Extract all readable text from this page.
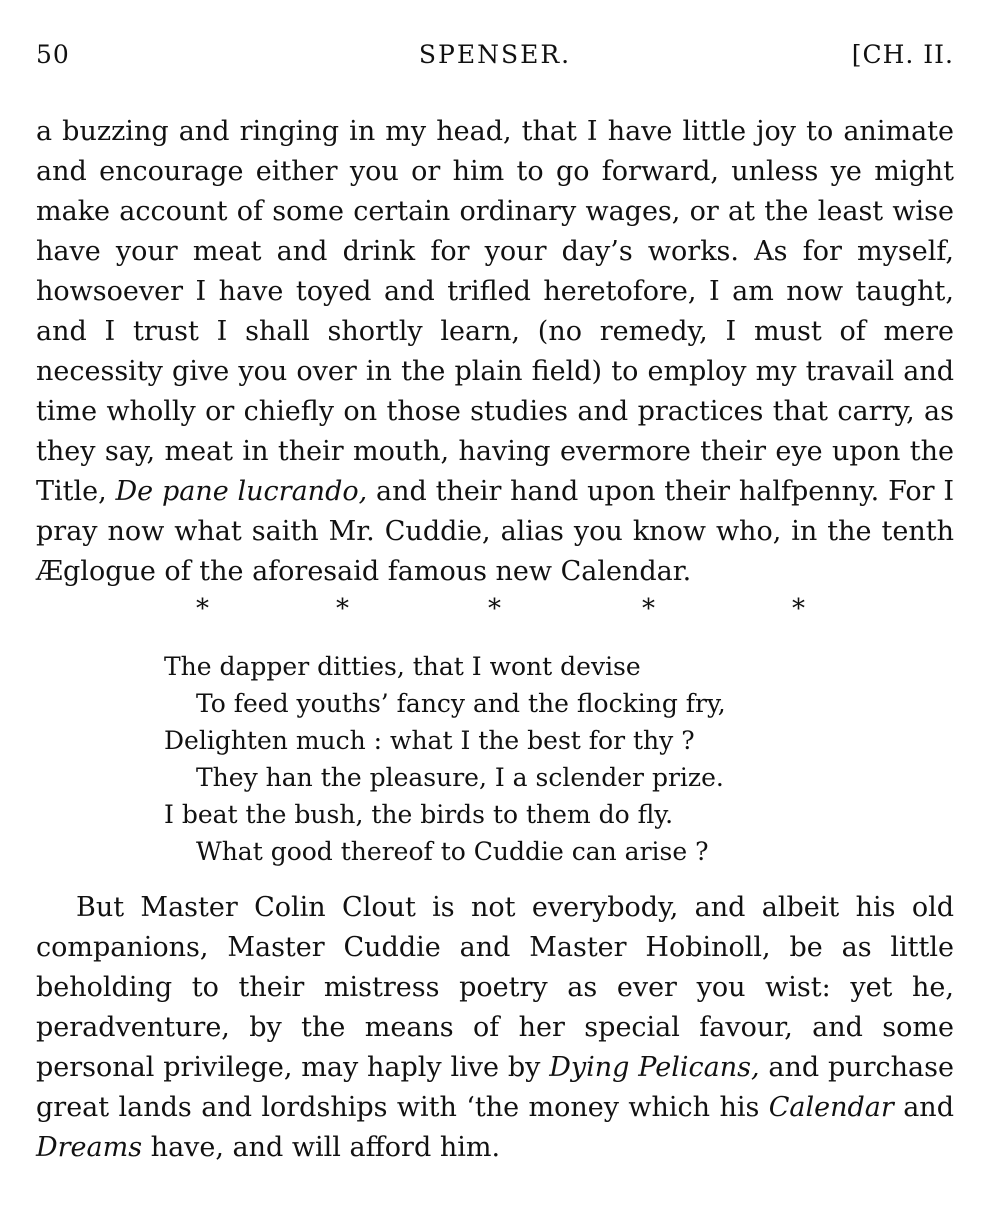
50	SPENSER.	[CH. II.

a buzzing and ringing in my head, that I have little joy to animate and encourage either you or him to go forward, unless ye might make account of some certain ordinary wages, or at the least wise have your meat and drink for your day’s works. As for myself, howsoever I have toyed and trifled heretofore, I am now taught, and I trust I shall shortly learn, (no remedy, I must of mere necessity give you over in the plain field) to employ my travail and time wholly or chiefly on those studies and practices that carry, as they say, meat in their mouth, having evermore their eye upon the Title, De pane lucrando, and their hand upon their halfpenny. For I pray now what saith Mr. Cuddie, alias you know who, in the tenth Æglogue of the aforesaid famous new Calendar.

*	*	*	*	*
The dapper ditties, that I wont devise
To feed youths’ fancy and the flocking fry,
Delighten much : what I the best for thy ?
They han the pleasure, I a sclender prize.
I beat the bush, the birds to them do fly.
What good thereof to Cuddie can arise ?

But Master Colin Clout is not everybody, and albeit his old companions, Master Cuddie and Master Hobinoll, be as little beholding to their mistress poetry as ever you wist: yet he, peradventure, by the means of her special favour, and some personal privilege, may haply live by Dying Pelicans, and purchase great lands and lordships with ‘the money which his Calendar and Dreams have, and will afford him.
